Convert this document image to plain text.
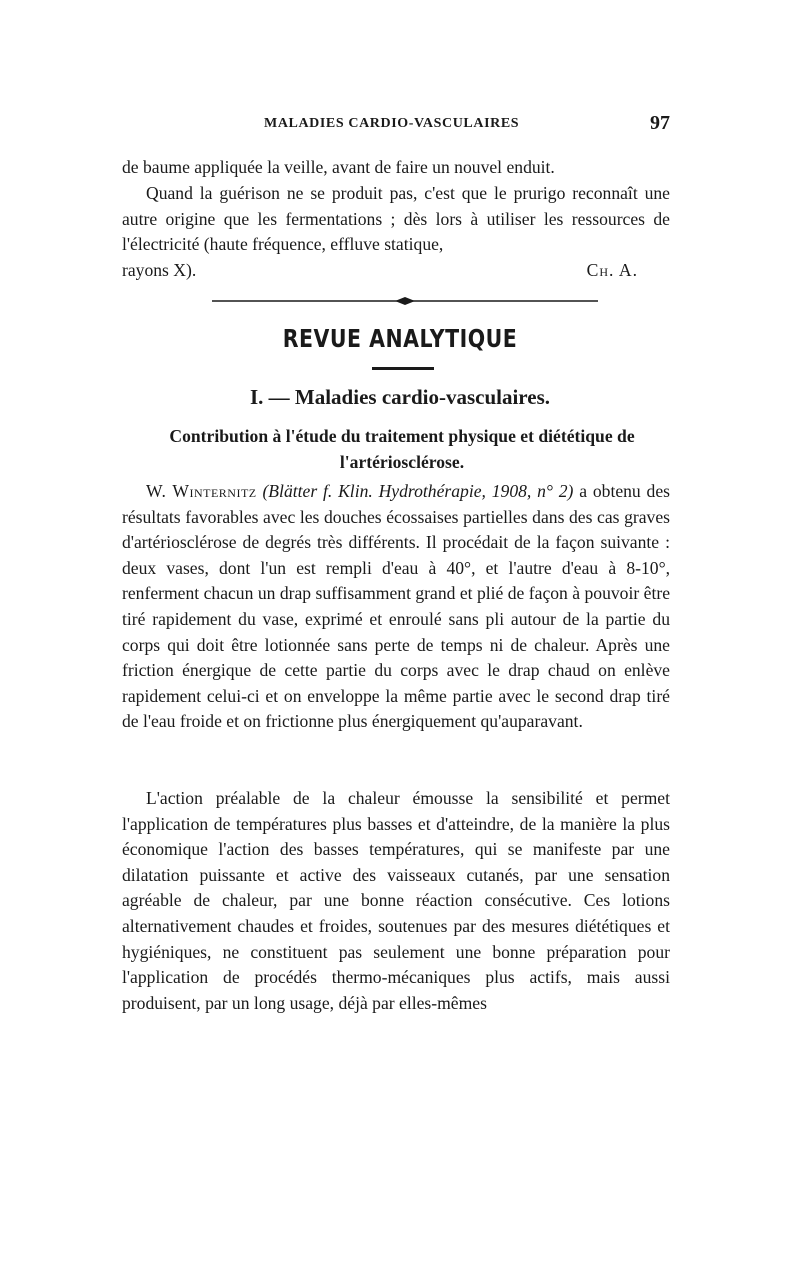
MALADIES CARDIO-VASCULAIRES	97

de baume appliquée la veille, avant de faire un nouvel enduit.

Quand la guérison ne se produit pas, c'est que le prurigo reconnaît une autre origine que les fermentations ; dès lors à utiliser les ressources de l'électricité (haute fréquence, effluve statique,

rayons X).	Ch. A.
REVUE ANALYTIQUE
I. — Maladies cardio-vasculaires.
Contribution à l'étude du traitement physique et diététique de l'artériosclérose.

W. Winternitz (Blätter f. Klin. Hydrothérapie, 1908, n° 2) a obtenu des résultats favorables avec les douches écossaises partielles dans des cas graves d'artériosclérose de degrés très différents. Il procédait de la façon suivante : deux vases, dont l'un est rempli d'eau à 40°, et l'autre d'eau à 8-10°, renferment chacun un drap suffisamment grand et plié de façon à pouvoir être tiré rapidement du vase, exprimé et enroulé sans pli autour de la partie du corps qui doit être lotionnée sans perte de temps ni de chaleur. Après une friction énergique de cette partie du corps avec le drap chaud on enlève rapidement celui-ci et on enveloppe la même partie avec le second drap tiré de l'eau froide et on frictionne plus énergiquement qu'auparavant.

L'action préalable de la chaleur émousse la sensibilité et permet l'application de températures plus basses et d'atteindre, de la manière la plus économique l'action des basses températures, qui se manifeste par une dilatation puissante et active des vaisseaux cutanés, par une sensation agréable de chaleur, par une bonne réaction consécutive. Ces lotions alternativement chaudes et froides, soutenues par des mesures diététiques et hygiéniques, ne constituent pas seulement une bonne préparation pour l'application de procédés thermo-mécaniques plus actifs, mais aussi produisent, par un long usage, déjà par elles-mêmes
